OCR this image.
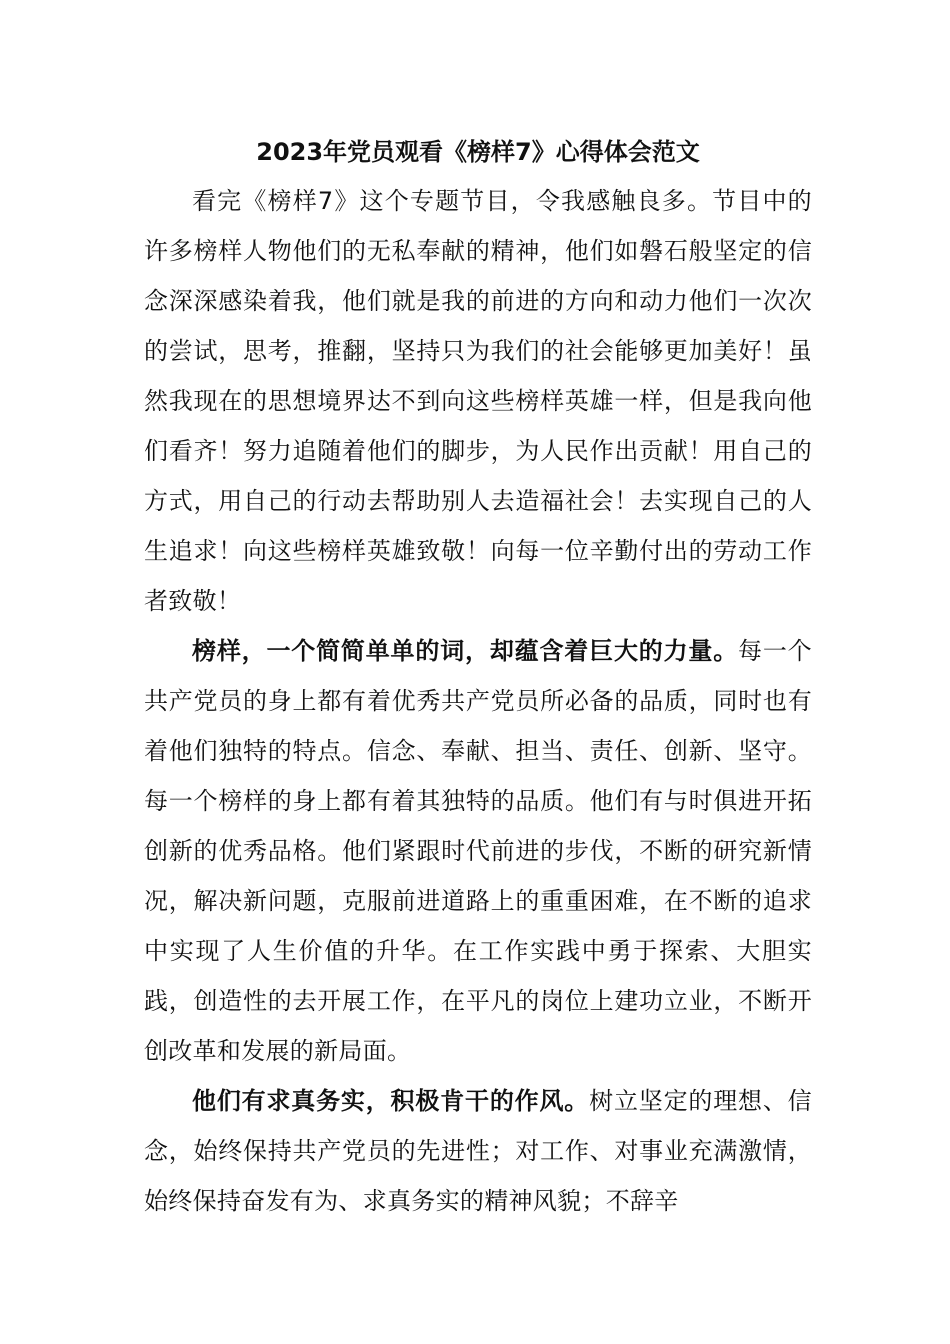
2023年党员观看《榜样7》心得体会范文

看完《榜样7》这个专题节目，令我感触良多。节目中的许多榜样人物他们的无私奉献的精神，他们如磐石般坚定的信念深深感染着我，他们就是我的前进的方向和动力他们一次次的尝试，思考，推翻，坚持只为我们的社会能够更加美好！虽然我现在的思想境界达不到向这些榜样英雄一样，但是我向他们看齐！努力追随着他们的脚步，为人民作出贡献！用自己的方式，用自己的行动去帮助别人去造福社会！去实现自己的人生追求！向这些榜样英雄致敬！向每一位辛勤付出的劳动工作者致敬！

榜样，一个简简单单的词，却蕴含着巨大的力量。每一个共产党员的身上都有着优秀共产党员所必备的品质，同时也有着他们独特的特点。信念、奉献、担当、责任、创新、坚守。每一个榜样的身上都有着其独特的品质。他们有与时俱进开拓创新的优秀品格。他们紧跟时代前进的步伐，不断的研究新情况，解决新问题，克服前进道路上的重重困难，在不断的追求中实现了人生价值的升华。在工作实践中勇于探索、大胆实践，创造性的去开展工作，在平凡的岗位上建功立业，不断开创改革和发展的新局面。

他们有求真务实，积极肯干的作风。树立坚定的理想、信念，始终保持共产党员的先进性；对工作、对事业充满激情，始终保持奋发有为、求真务实的精神风貌；不辞辛
